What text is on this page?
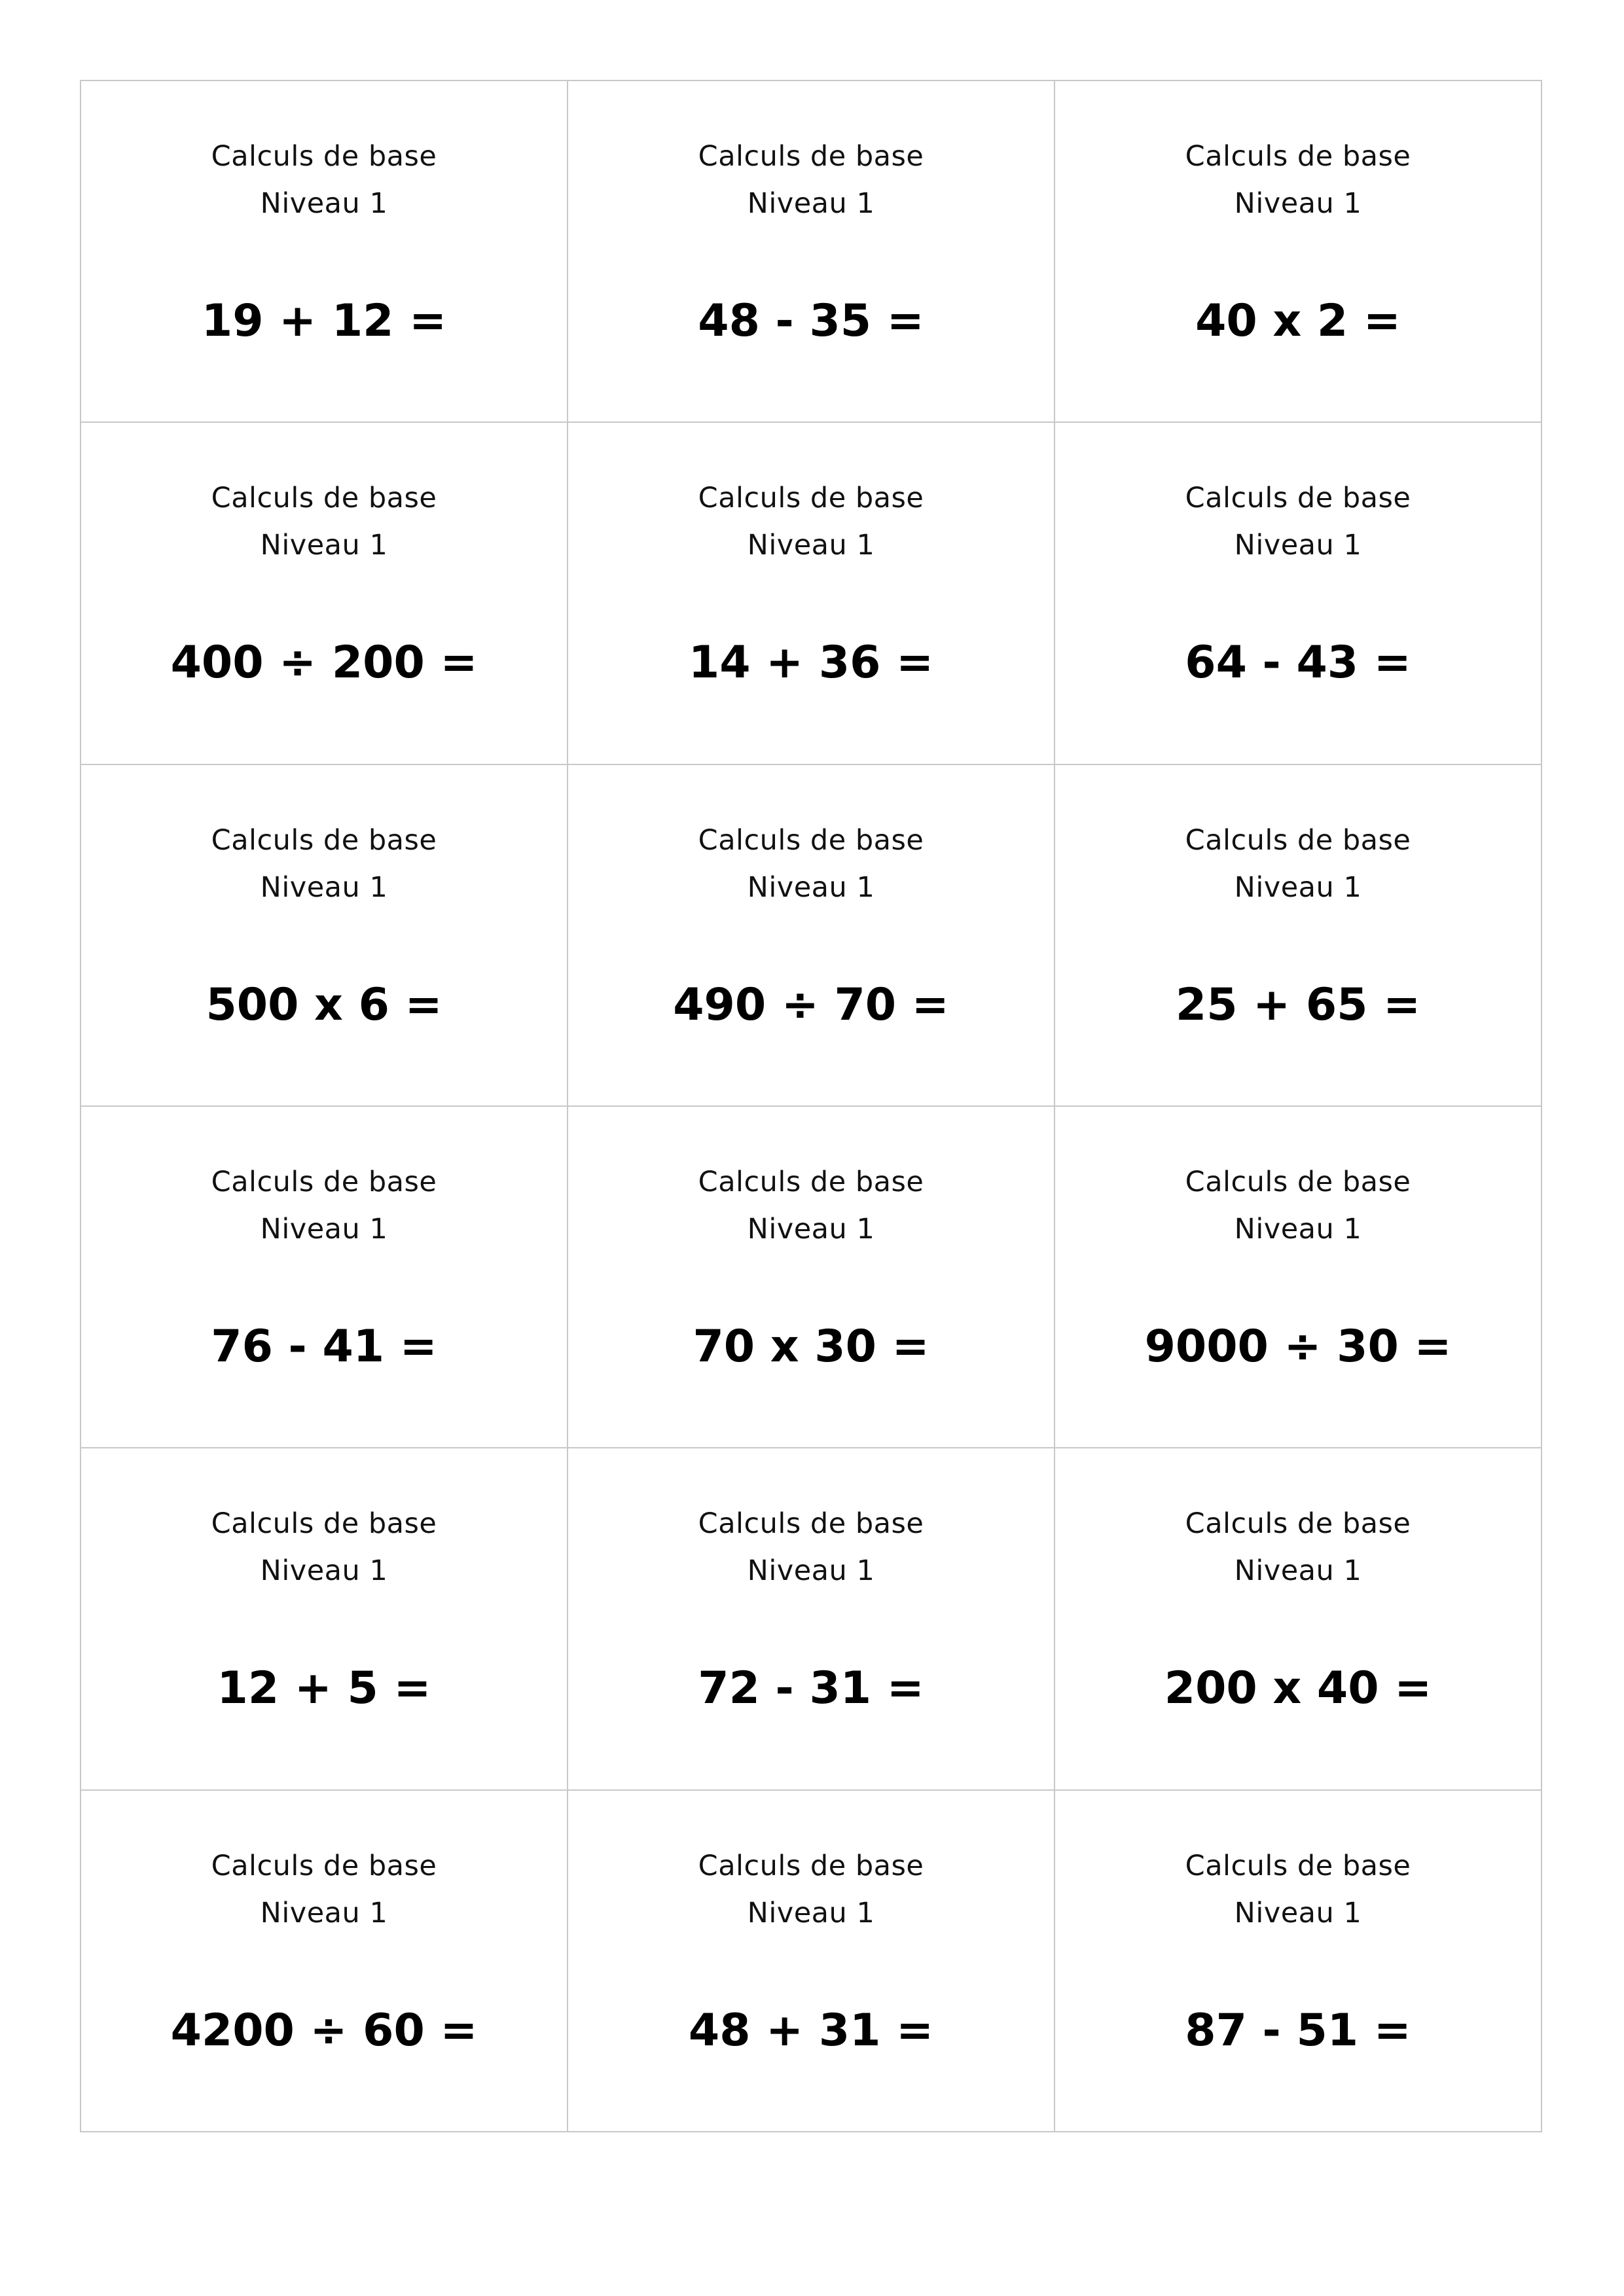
Calculs de base
Niveau 1
19 + 12 =
Calculs de base
Niveau 1
48 - 35 =
Calculs de base
Niveau 1
40 x 2 =
Calculs de base
Niveau 1
400 ÷ 200 =
Calculs de base
Niveau 1
14 + 36 =
Calculs de base
Niveau 1
64 - 43 =
Calculs de base
Niveau 1
500 x 6 =
Calculs de base
Niveau 1
490 ÷ 70 =
Calculs de base
Niveau 1
25 + 65 =
Calculs de base
Niveau 1
76 - 41 =
Calculs de base
Niveau 1
70 x 30 =
Calculs de base
Niveau 1
9000 ÷ 30 =
Calculs de base
Niveau 1
12 + 5 =
Calculs de base
Niveau 1
72 - 31 =
Calculs de base
Niveau 1
200 x 40 =
Calculs de base
Niveau 1
4200 ÷ 60 =
Calculs de base
Niveau 1
48 + 31 =
Calculs de base
Niveau 1
87 - 51 =
